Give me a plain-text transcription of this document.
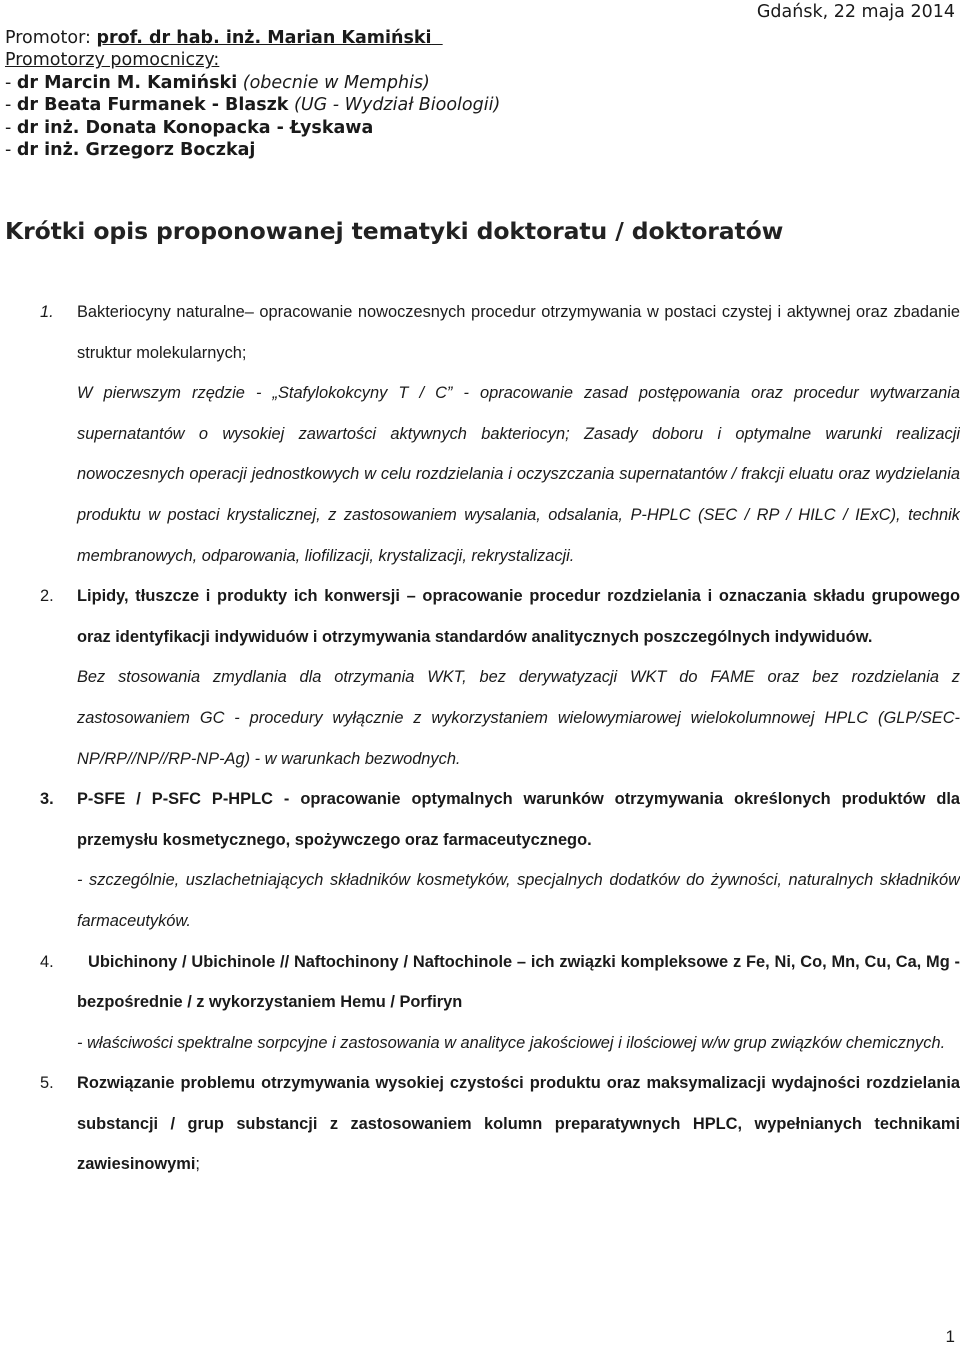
Gdańsk, 22 maja 2014
Promotor: prof. dr hab. inż. Marian Kamiński
Promotorzy pomocniczy:
- dr Marcin M. Kamiński (obecnie w Memphis)
- dr Beata Furmanek - Blaszk (UG - Wydział Bioologii)
- dr inż. Donata Konopacka - Łyskawa
- dr inż. Grzegorz Boczkaj
Krótki opis proponowanej tematyki doktoratu / doktoratów
1. Bakteriocyny naturalne– opracowanie nowoczesnych procedur otrzymywania w postaci czystej i aktywnej oraz zbadanie struktur molekularnych;

W pierwszym rzędzie - „Stafylokokcyny T / C” - opracowanie zasad postępowania oraz procedur wytwarzania supernatantów o wysokiej zawartości aktywnych bakteriocyn; Zasady doboru i optymalne warunki realizacji nowoczesnych operacji jednostkowych w celu rozdzielania i oczyszczania supernatantów / frakcji eluatu oraz wydzielania produktu w postaci krystalicznej, z zastosowaniem wysalania, odsalania, P-HPLC (SEC / RP / HILC / IExC), technik membranowych, odparowania, liofilizacji, krystalizacji, rekrystalizacji.

2. Lipidy, tłuszcze i produkty ich konwersji – opracowanie procedur rozdzielania i oznaczania składu grupowego oraz identyfikacji indywiduów i otrzymywania standardów analitycznych poszczególnych indywiduów.

Bez stosowania zmydlania dla otrzymania WKT, bez derywatyzacji WKT do FAME oraz bez rozdzielania z zastosowaniem GC - procedury wyłącznie z wykorzystaniem wielowymiarowej wielokolumnowej HPLC (GLP/SEC-NP/RP//NP//RP-NP-Ag) - w warunkach bezwodnych.

3. P-SFE / P-SFC P-HPLC - opracowanie optymalnych warunków otrzymywania określonych produktów dla przemysłu kosmetycznego, spożywczego oraz farmaceutycznego.

- szczególnie, uszlachetniających składników kosmetyków, specjalnych dodatków do żywności, naturalnych składników farmaceutyków.

4.	Ubichinony / Ubichinole // Naftochinony / Naftochinole – ich związki kompleksowe z Fe, Ni, Co, Mn, Cu, Ca, Mg - bezpośrednie / z wykorzystaniem Hemu / Porfiryn

- właściwości spektralne sorpcyjne i zastosowania w analityce jakościowej i ilościowej w/w grup związków chemicznych.

5. Rozwiązanie problemu otrzymywania wysokiej czystości produktu oraz maksymalizacji wydajności rozdzielania substancji / grup substancji z zastosowaniem kolumn preparatywnych HPLC, wypełnianych technikami zawiesinowymi;

1
